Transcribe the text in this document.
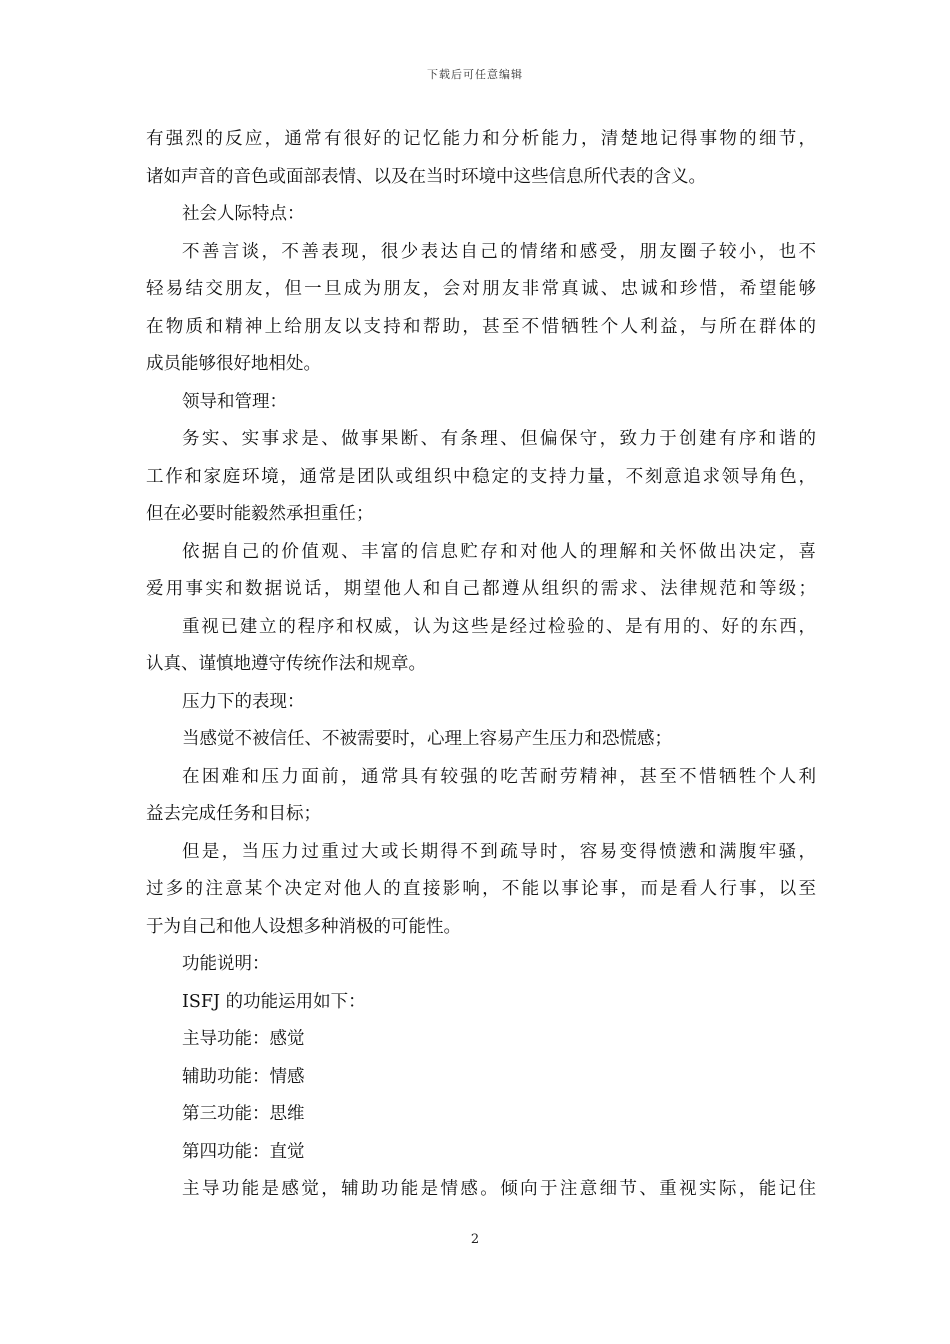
下载后可任意编辑
有强烈的反应，通常有很好的记忆能力和分析能力，清楚地记得事物的细节，
诸如声音的音色或面部表情、以及在当时环境中这些信息所代表的含义。
社会人际特点：
不善言谈，不善表现，很少表达自己的情绪和感受，朋友圈子较小，也不
轻易结交朋友，但一旦成为朋友，会对朋友非常真诚、忠诚和珍惜，希望能够
在物质和精神上给朋友以支持和帮助，甚至不惜牺牲个人利益，与所在群体的
成员能够很好地相处。
领导和管理：
务实、实事求是、做事果断、有条理、但偏保守，致力于创建有序和谐的
工作和家庭环境，通常是团队或组织中稳定的支持力量，不刻意追求领导角色，
但在必要时能毅然承担重任；
依据自己的价值观、丰富的信息贮存和对他人的理解和关怀做出决定，喜
爱用事实和数据说话，期望他人和自己都遵从组织的需求、法律规范和等级；
重视已建立的程序和权威，认为这些是经过检验的、是有用的、好的东西，
认真、谨慎地遵守传统作法和规章。
压力下的表现：
当感觉不被信任、不被需要时，心理上容易产生压力和恐慌感；
在困难和压力面前，通常具有较强的吃苦耐劳精神，甚至不惜牺牲个人利
益去完成任务和目标；
但是，当压力过重过大或长期得不到疏导时，容易变得愤懑和满腹牢骚，
过多的注意某个决定对他人的直接影响，不能以事论事，而是看人行事，以至
于为自己和他人设想多种消极的可能性。
功能说明：
ISFJ 的功能运用如下：
主导功能：感觉
辅助功能：情感
第三功能：思维
第四功能：直觉
主导功能是感觉，辅助功能是情感。倾向于注意细节、重视实际，能记住
2
